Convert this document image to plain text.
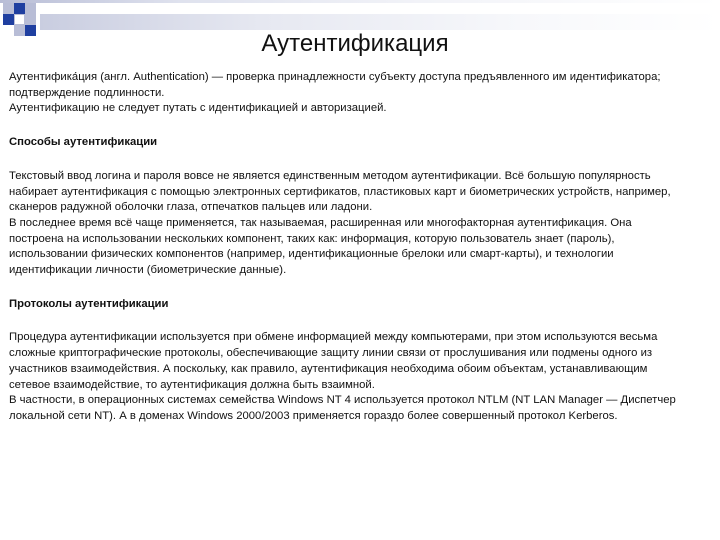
Аутентификация

Аутентифика́ция (англ. Authentication) — проверка принадлежности субъекту доступа предъявленного им идентификатора; подтверждение подлинности.

Аутентификацию не следует путать с идентификацией и авторизацией.

Способы аутентификации

Текстовый ввод логина и пароля вовсе не является единственным методом аутентификации. Всё большую популярность набирает аутентификация с помощью электронных сертификатов, пластиковых карт и биометрических устройств, например, сканеров радужной оболочки глаза, отпечатков пальцев или ладони.

В последнее время всё чаще применяется, так называемая, расширенная или многофакторная аутентификация. Она построена на использовании нескольких компонент, таких как: информация, которую пользователь знает (пароль), использовании физических компонентов (например, идентификационные брелоки или смарт-карты), и технологии идентификации личности (биометрические данные).

Протоколы аутентификации

Процедура аутентификации используется при обмене информацией между компьютерами, при этом используются весьма сложные криптографические протоколы, обеспечивающие защиту линии связи от прослушивания или подмены одного из участников взаимодействия. А поскольку, как правило, аутентификация необходима обоим объектам, устанавливающим сетевое взаимодействие, то аутентификация должна быть взаимной.

В частности, в операционных системах семейства Windows NT 4 используется протокол NTLM (NT LAN Manager — Диспетчер локальной сети NT). А в доменах Windows 2000/2003 применяется гораздо более совершенный протокол Kerberos.
